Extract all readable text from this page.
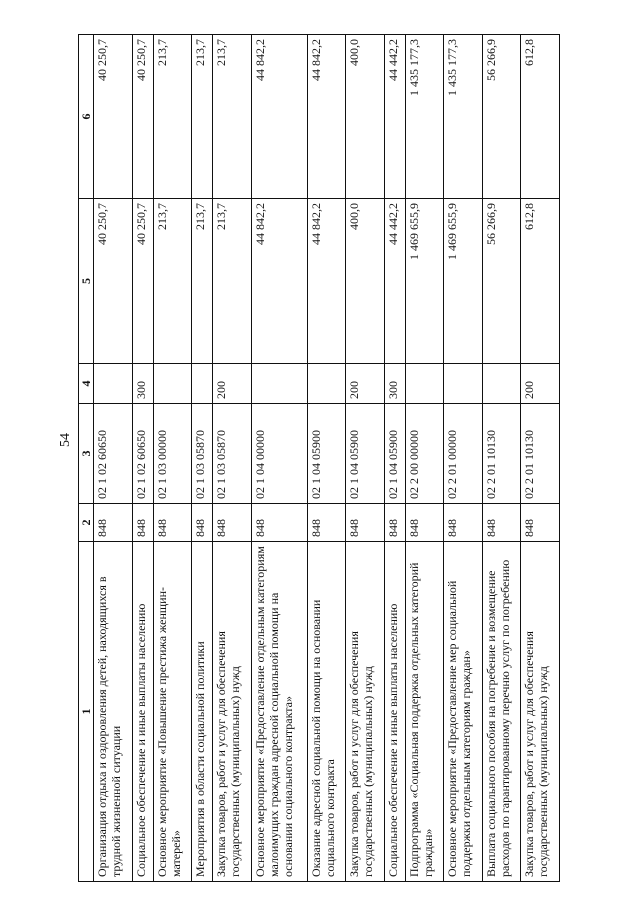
54
1	2	3	4	5	6
Организация отдыха и оздоровления детей, находящихся в трудной жизненной ситуации	848	02 1 02 60650		40 250,7	40 250,7
Социальное обеспечение и иные выплаты населению	848	02 1 02 60650	300	40 250,7	40 250,7
Основное мероприятие «Повышение престижа женщин-матерей»	848	02 1 03 00000		213,7	213,7
Мероприятия в области социальной политики	848	02 1 03 05870		213,7	213,7
Закупка товаров, работ и услуг для обеспечения государственных (муниципальных) нужд	848	02 1 03 05870	200	213,7	213,7
Основное мероприятие «Предоставление отдельным категориям малоимущих граждан адресной социальной помощи на основании социального контракта»	848	02 1 04 00000		44 842,2	44 842,2
Оказание адресной социальной помощи на основании социального контракта	848	02 1 04 05900		44 842,2	44 842,2
Закупка товаров, работ и услуг для обеспечения государственных (муниципальных) нужд	848	02 1 04 05900	200	400,0	400,0
Социальное обеспечение и иные выплаты населению	848	02 1 04 05900	300	44 442,2	44 442,2
Подпрограмма «Социальная поддержка отдельных категорий граждан»	848	02 2 00 00000		1 469 655,9	1 435 177,3
Основное мероприятие «Предоставление мер социальной поддержки отдельным категориям граждан»	848	02 2 01 00000		1 469 655,9	1 435 177,3
Выплата социального пособия на погребение и возмещение расходов по гарантированному перечню услуг по погребению	848	02 2 01 10130		56 266,9	56 266,9
Закупка товаров, работ и услуг для обеспечения государственных (муниципальных) нужд	848	02 2 01 10130	200	612,8	612,8
